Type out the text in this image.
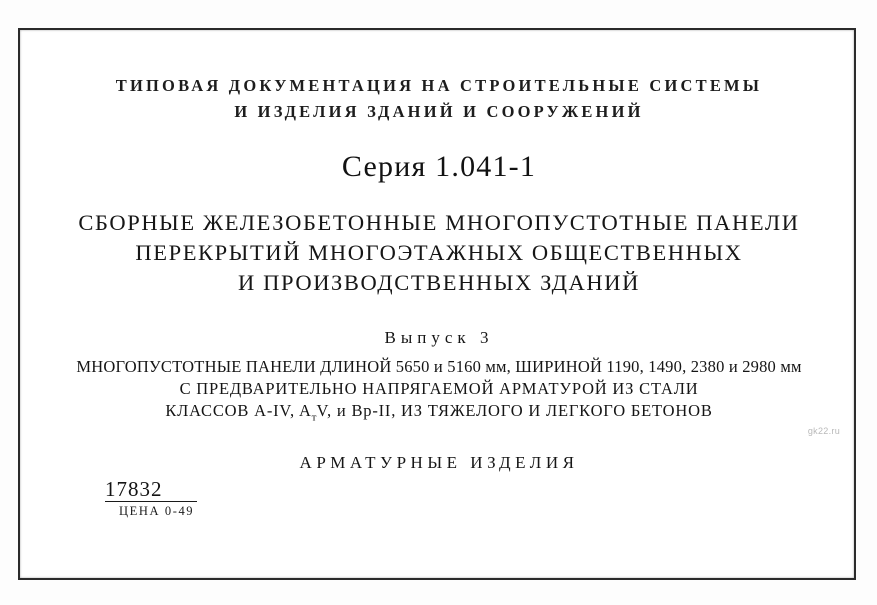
ТИПОВАЯ ДОКУМЕНТАЦИЯ НА СТРОИТЕЛЬНЫЕ СИСТЕМЫ
И ИЗДЕЛИЯ ЗДАНИЙ И СООРУЖЕНИЙ
Серия 1.041-1
СБОРНЫЕ ЖЕЛЕЗОБЕТОННЫЕ МНОГОПУСТОТНЫЕ ПАНЕЛИ
ПЕРЕКРЫТИЙ МНОГОЭТАЖНЫХ ОБЩЕСТВЕННЫХ
И ПРОИЗВОДСТВЕННЫХ ЗДАНИЙ
Выпуск 3
МНОГОПУСТОТНЫЕ ПАНЕЛИ ДЛИНОЙ 5650 и 5160 мм, ШИРИНОЙ 1190, 1490, 2380 и 2980 мм
С ПРЕДВАРИТЕЛЬНО НАПРЯГАЕМОЙ АРМАТУРОЙ ИЗ СТАЛИ
КЛАССОВ A-IV, $A_тV$, и Вр-II, ИЗ ТЯЖЕЛОГО И ЛЕГКОГО БЕТОНОВ
АРМАТУРНЫЕ ИЗДЕЛИЯ
17832
ЦЕНА 0-49
gk22.ru
